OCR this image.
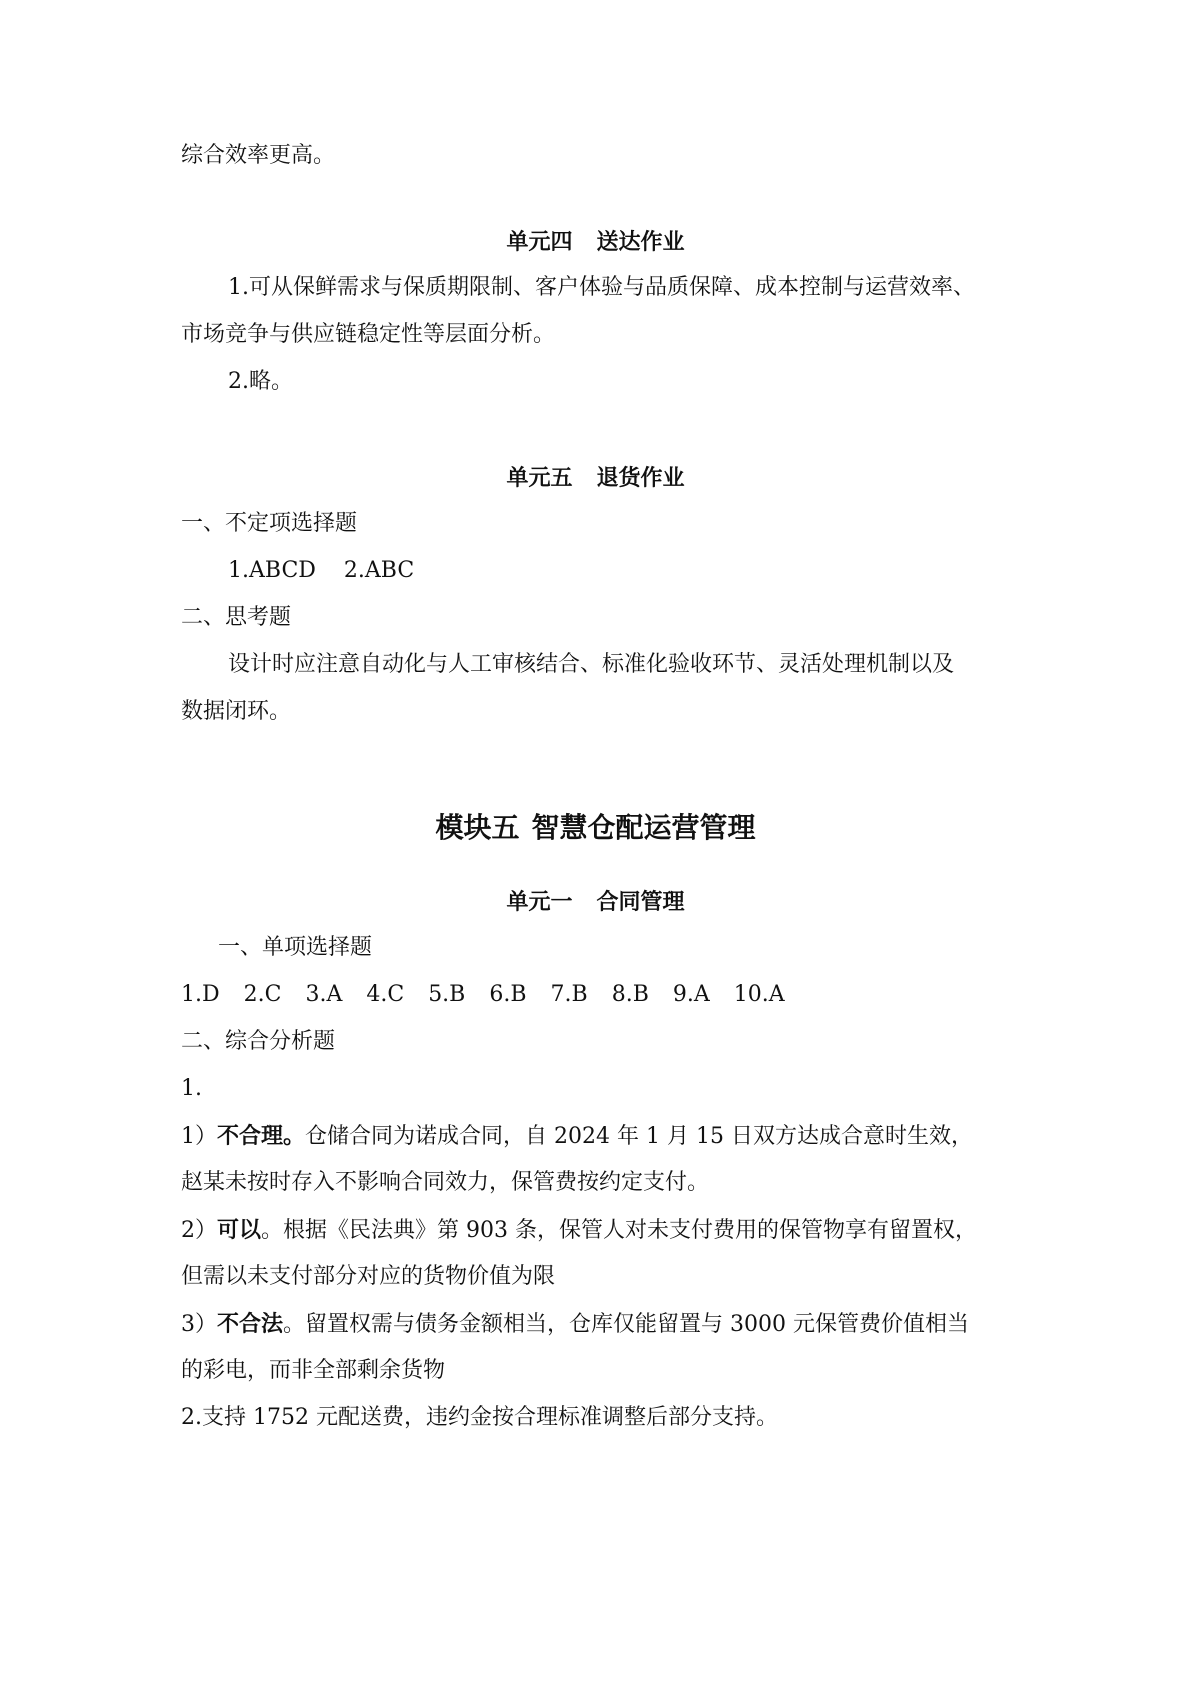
综合效率更高。
单元四 送达作业
1.可从保鲜需求与保质期限制、客户体验与品质保障、成本控制与运营效率、
市场竞争与供应链稳定性等层面分析。
2.略。
单元五 退货作业
一、不定项选择题
1.ABCD    2.ABC
二、思考题
设计时应注意自动化与人工审核结合、标准化验收环节、灵活处理机制以及
数据闭环。
模块五 智慧仓配运营管理
单元一 合同管理
一、单项选择题
1.D 2.C 3.A 4.C 5.B 6.B 7.B 8.B 9.A 10.A
二、综合分析题
1.
1）不合理。仓储合同为诺成合同，自 2024 年 1 月 15 日双方达成合意时生效，
赵某未按时存入不影响合同效力，保管费按约定支付。
2）可以。根据《民法典》第 903 条，保管人对未支付费用的保管物享有留置权，
但需以未支付部分对应的货物价值为限
3）不合法。留置权需与债务金额相当，仓库仅能留置与 3000 元保管费价值相当
的彩电，而非全部剩余货物
2.支持 1752 元配送费，违约金按合理标准调整后部分支持。
